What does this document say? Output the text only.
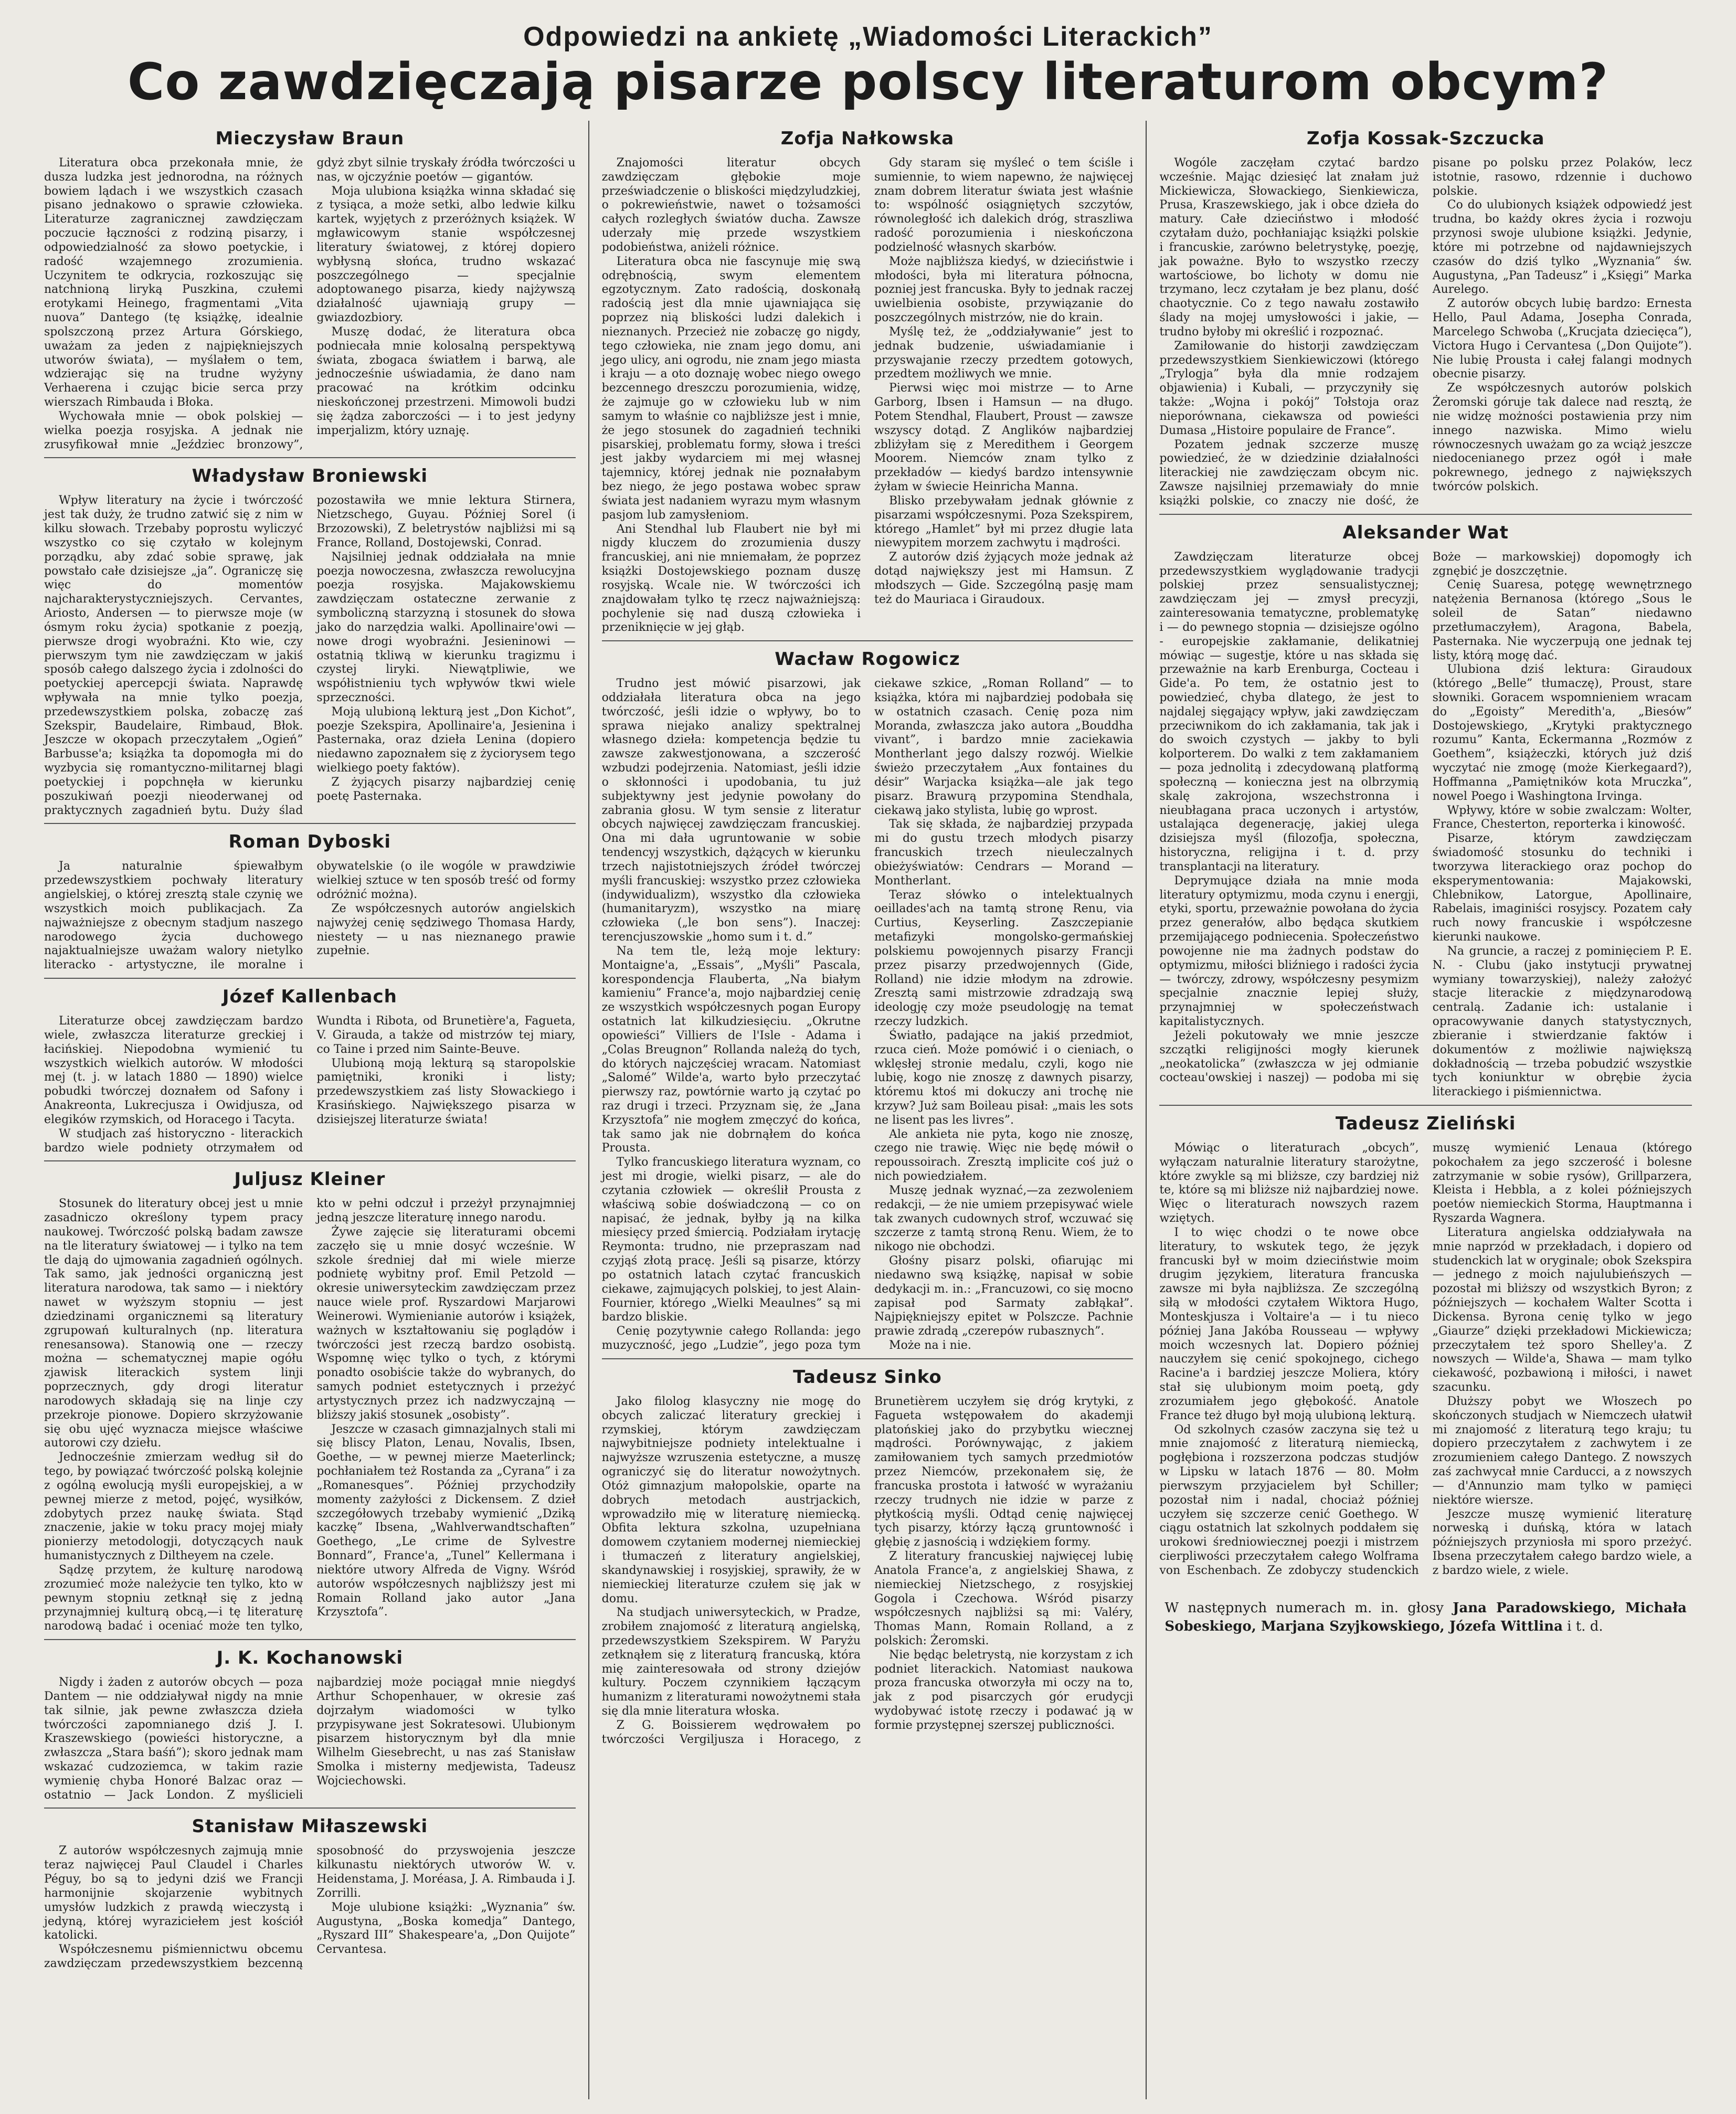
Odpowiedzi na ankietę „Wiadomości Literackich”
Co zawdzięczają pisarze polscy literaturom obcym?
Mieczysław Braun

Literatura obca przekonała mnie, że dusza ludzka jest jednorodna, na różnych bowiem lądach i we wszystkich czasach pisano jednakowo o sprawie człowieka. Literaturze zagranicznej zawdzięczam poczucie łączności z rodziną pisarzy, i odpowiedzialność za słowo poetyckie, i radość wzajemnego zrozumienia. Uczynitem te odkrycia, rozkoszując się natchnioną liryką Puszkina, czułemi erotykami Heinego, fragmentami „Vita nuova” Dantego (tę książkę, idealnie spolszczoną przez Artura Górskiego, uważam za jeden z najpiękniejszych utworów świata), — myślałem o tem, wdzierając się na trudne wyżyny Verhaerena i czując bicie serca przy wierszach Rimbauda i Błoka.

Wychowała mnie — obok polskiej — wielka poezja rosyjska. A jednak nie zrusyfikował mnie „Jeździec bronzowy”, gdyż zbyt silnie tryskały źródła twórczości u nas, w ojczyźnie poetów — gigantów.

Moja ulubiona książka winna składać się z tysiąca, a może setki, albo ledwie kilku kartek, wyjętych z przeróżnych książek. W mgławicowym stanie współczesnej literatury światowej, z której dopiero wybłysną słońca, trudno wskazać poszczególnego — specjalnie adoptowanego pisarza, kiedy najżywszą działalność ujawniają grupy — gwiazdozbiory.

Muszę dodać, że literatura obca podniecała mnie kolosalną perspektywą świata, zbogaca światłem i barwą, ale jednocześnie uświadamia, że dano nam pracować na krótkim odcinku nieskończonej przestrzeni. Mimowoli budzi się żądza zaborczości — i to jest jedyny imperjalizm, który uznaję.

Władysław Broniewski

Wpływ literatury na życie i twórczość jest tak duży, że trudno zatwić się z nim w kilku słowach. Trzebaby poprostu wyliczyć wszystko co się czytało w kolejnym porządku, aby zdać sobie sprawę, jak powstało całe dzisiejsze „ja”. Ograniczę się więc do momentów najcharakterystyczniejszych. Cervantes, Ariosto, Andersen — to pierwsze moje (w ósmym roku życia) spotkanie z poezją, pierwsze drogi wyobraźni. Kto wie, czy pierwszym tym nie zawdzięczam w jakiś sposób całego dalszego życia i zdolności do poetyckiej apercepcji świata. Naprawdę wpływała na mnie tylko poezja, przedewszystkiem polska, zobaczę zaś Szekspir, Baudelaire, Rimbaud, Błok. Jeszcze w okopach przeczytałem „Ogień” Barbusse'a; książka ta dopomogła mi do wyzbycia się romantyczno-militarnej blagi poetyckiej i popchnęła w kierunku poszukiwań poezji nieoderwanej od praktycznych zagadnień bytu. Duży ślad pozostawiła we mnie lektura Stirnera, Nietzschego, Guyau. Później Sorel (i Brzozowski), Z beletrystów najbliżsi mi są France, Rolland, Dostojewski, Conrad.

Najsilniej jednak oddziałała na mnie poezja nowoczesna, zwłaszcza rewolucyjna poezja rosyjska. Majakowskiemu zawdzięczam ostateczne zerwanie z symboliczną starzyzną i stosunek do słowa jako do narzędzia walki. Apollinaire'owi — nowe drogi wyobraźni. Jesieninowi — ostatnią tkliwą w kierunku tragizmu i czystej liryki. Niewątpliwie, we współistnieniu tych wpływów tkwi wiele sprzeczności.

Moją ulubioną lekturą jest „Don Kichot”, poezje Szekspira, Apollinaire'a, Jesienina i Pasternaka, oraz dzieła Lenina (dopiero niedawno zapoznałem się z życiorysem tego wielkiego poety faktów).

Z żyjących pisarzy najbardziej cenię poetę Pasternaka.

Roman Dyboski

Ja naturalnie śpiewałbym przedewszystkiem pochwały literatury angielskiej, o której zresztą stale czynię we wszystkich moich publikacjach. Za najważniejsze z obecnym stadjum naszego narodowego życia duchowego najaktualniejsze uważam walory nietylko literacko - artystyczne, ile moralne i obywatelskie (o ile wogóle w prawdziwie wielkiej sztuce w ten sposób treść od formy odróżnić można).

Ze współczesnych autorów angielskich najwyżej cenię sędziwego Thomasa Hardy, niestety — u nas nieznanego prawie zupełnie.

Józef Kallenbach

Literaturze obcej zawdzięczam bardzo wiele, zwłaszcza literaturze greckiej i łacińskiej. Niepodobna wymienić tu wszystkich wielkich autorów. W młodości mej (t. j. w latach 1880 — 1890) wielce pobudki twórczej doznałem od Safony i Anakreonta, Lukrecjusza i Owidjusza, od elegików rzymskich, od Horacego i Tacyta.

W studjach zaś historyczno - literackich bardzo wiele podniety otrzymałem od Wundta i Ribota, od Brunetière'a, Fagueta, V. Girauda, a także od mistrzów tej miary, co Taine i przed nim Sainte-Beuve.

Ulubioną moją lekturą są staropolskie pamiętniki, kroniki i listy; przedewszystkiem zaś listy Słowackiego i Krasińskiego. Największego pisarza w dzisiejszej literaturze świata!

Juljusz Kleiner

Stosunek do literatury obcej jest u mnie zasadniczo określony typem pracy naukowej. Twórczość polską badam zawsze na tle literatury światowej — i tylko na tem tle dają do ujmowania zagadnień ogólnych. Tak samo, jak jedności organiczną jest literatura narodowa, tak samo — i niektóry nawet w wyższym stopniu — jest dziedzinami organicznemi są literatury zgrupowań kulturalnych (np. literatura renesansowa). Stanowią one — rzeczy można — schematycznej mapie ogółu zjawisk literackich system linji poprzecznych, gdy drogi literatur narodowych składają się na linje czy przekroje pionowe. Dopiero skrzyżowanie się obu ujęć wyznacza miejsce właściwe autorowi czy dziełu.

Jednocześnie zmierzam według sił do tego, by powiązać twórczość polską kolejnie z ogólną ewolucją myśli europejskiej, a w pewnej mierze z metod, pojęć, wysiłków, zdobytych przez naukę świata. Stąd znaczenie, jakie w toku pracy mojej miały pionierzy metodologji, dotyczących nauk humanistycznych z Diltheyem na czele.

Sądzę przytem, że kulturę narodową zrozumieć może należycie ten tylko, kto w pewnym stopniu zetknął się z jedną przynajmniej kulturą obcą,—i tę literaturę narodową badać i oceniać może ten tylko, kto w pełni odczuł i przeżył przynajmniej jedną jeszcze literaturę innego narodu.

Żywe zajęcie się literaturami obcemi zaczęło się u mnie dosyć wcześnie. W szkole średniej dał mi wiele mierze podnietę wybitny prof. Emil Petzold — okresie uniwersyteckim zawdzięczam przez nauce wiele prof. Ryszardowi Marjarowi Weinerowi. Wymienianie autorów i książek, ważnych w kształtowaniu się poglądów i twórczości jest rzeczą bardzo osobistą. Wspomnę więc tylko o tych, z którymi ponadto osobiście także do wybranych, do samych podniet estetycznych i przeżyć artystycznych przez ich nadzwyczajną — bliższy jakiś stosunek „osobisty”.

Jeszcze w czasach gimnazjalnych stali mi się bliscy Platon, Lenau, Novalis, Ibsen, Goethe, — w pewnej mierze Maeterlinck; pochłaniałem też Rostanda za „Cyrana” i za „Romanesques”. Później przychodziły momenty zażyłości z Dickensem. Z dzieł szczegółowych trzebaby wymienić „Dziką kaczkę” Ibsena, „Wahlverwandtschaften” Goethego, „Le crime de Sylvestre Bonnard”, France'a, „Tunel” Kellermana i niektóre utwory Alfreda de Vigny. Wśród autorów współczesnych najbliższy jest mi Romain Rolland jako autor „Jana Krzysztofa”.

J. K. Kochanowski

Nigdy i żaden z autorów obcych — poza Dantem — nie oddziaływał nigdy na mnie tak silnie, jak pewne zwłaszcza dzieła twórczości zapomnianego dziś J. I. Kraszewskiego (powieści historyczne, a zwłaszcza „Stara baśń”); skoro jednak mam wskazać cudzoziemca, w takim razie wymienię chyba Honoré Balzac oraz — ostatnio — Jack London. Z myślicieli najbardziej może pociągał mnie niegdyś Arthur Schopenhauer, w okresie zaś dojrzałym wiadomości w tylko przypisywane jest Sokratesowi. Ulubionym pisarzem historycznym był dla mnie Wilhelm Giesebrecht, u nas zaś Stanisław Smolka i misterny medjewista, Tadeusz Wojciechowski.

Stanisław Miłaszewski

Z autorów współczesnych zajmują mnie teraz najwięcej Paul Claudel i Charles Péguy, bo są to jedyni dziś we Francji harmonijnie skojarzenie wybitnych umysłów ludzkich z prawdą wieczystą i jedyną, której wyraziciełem jest kościół katolicki.

Współczesnemu piśmiennictwu obcemu zawdzięczam przedewszystkiem bezcenną sposobność do przyswojenia jeszcze kilkunastu niektórych utworów W. v. Heidenstama, J. Moréasa, J. A. Rimbauda i J. Zorrilli.

Moje ulubione książki: „Wyznania” św. Augustyna, „Boska komedja” Dantego, „Ryszard III” Shakespeare'a, „Don Quijote” Cervantesa.

Zofja Nałkowska

Znajomości literatur obcych zawdzięczam głębokie moje przeświadczenie o bliskości międzyludzkiej, o pokrewieństwie, nawet o tożsamości całych rozległych światów ducha. Zawsze uderzały mię przede wszystkiem podobieństwa, aniżeli różnice.

Literatura obca nie fascynuje mię swą odrębnością, swym elementem egzotycznym. Zato radością, doskonałą radością jest dla mnie ujawniająca się poprzez nią bliskości ludzi dalekich i nieznanych. Przecież nie zobaczę go nigdy, tego człowieka, nie znam jego domu, ani jego ulicy, ani ogrodu, nie znam jego miasta i kraju — a oto doznaję wobec niego owego bezcennego dreszczu porozumienia, widzę, że zajmuje go w człowieku lub w nim samym to właśnie co najbliższe jest i mnie, że jego stosunek do zagadnień techniki pisarskiej, problematu formy, słowa i treści jest jakby wydarciem mi mej własnej tajemnicy, której jednak nie poznałabym bez niego, że jego postawa wobec spraw świata jest nadaniem wyrazu mym własnym pasjom lub zamysłeniom.

Ani Stendhal lub Flaubert nie był mi nigdy kluczem do zrozumienia duszy francuskiej, ani nie mniemałam, że poprzez książki Dostojewskiego poznam duszę rosyjską. Wcale nie. W twórczości ich znajdowałam tylko tę rzecz najważniejszą: pochylenie się nad duszą człowieka i przeniknięcie w jej głąb.

Gdy staram się myśleć o tem ściśle i sumiennie, to wiem napewno, że najwięcej znam dobrem literatur świata jest właśnie to: wspólność osiągniętych szczytów, równoległość ich dalekich dróg, straszliwa radość porozumienia i nieskończona podzielność własnych skarbów.

Może najbliższa kiedyś, w dzieciństwie i młodości, była mi literatura północna, pozniej jest francuska. Były to jednak raczej uwielbienia osobiste, przywiązanie do poszczególnych mistrzów, nie do krain.

Myślę też, że „oddziaływanie” jest to jednak budzenie, uświadamianie i przyswajanie rzeczy przedtem gotowych, przedtem możliwych we mnie.

Pierwsi więc moi mistrze — to Arne Garborg, Ibsen i Hamsun — na długo. Potem Stendhal, Flaubert, Proust — zawsze wszyscy dotąd. Z Anglików najbardziej zbliżyłam się z Meredithem i Georgem Moorem. Niemców znam tylko z przekładów — kiedyś bardzo intensywnie żyłam w świecie Heinricha Manna.

Blisko przebywałam jednak głównie z pisarzami współczesnymi. Poza Szekspirem, którego „Hamlet” był mi przez długie lata niewypitem morzem zachwytu i mądrości.

Z autorów dziś żyjących może jednak aż dotąd największy jest mi Hamsun. Z młodszych — Gide. Szczególną pasję mam też do Mauriaca i Giraudoux.

Wacław Rogowicz

Trudno jest mówić pisarzowi, jak oddziałała literatura obca na jego twórczość, jeśli idzie o wpływy, bo to sprawa niejako analizy spektralnej własnego dzieła: kompetencja będzie tu zawsze zakwestjonowana, a szczerość wzbudzi podejrzenia. Natomiast, jeśli idzie o skłonności i upodobania, tu już subjektywny jest jedynie powołany do zabrania głosu. W tym sensie z literatur obcych najwięcej zawdzięczam francuskiej. Ona mi dała ugruntowanie w sobie tendencyj wszystkich, dążących w kierunku trzech najistotniejszych źródeł twórczej myśli francuskiej: wszystko przez człowieka (indywidualizm), wszystko dla człowieka (humanitaryzm), wszystko na miarę człowieka („le bon sens”). Inaczej: terencjuszowskie „homo sum i t. d.”

Na tem tle, leżą moje lektury: Montaigne'a, „Essais”, „Myśli” Pascala, korespondencja Flauberta, „Na białym kamieniu” France'a, mojo najbardziej cenię ze wszystkich współczesnych pogan Europy ostatnich lat kilkudziesięciu. „Okrutne opowieści” Villiers de l'Isle - Adama i „Colas Breugnon” Rollanda należą do tych, do których najczęściej wracam. Natomiast „Salomé” Wilde'a, warto było przeczytać pierwszy raz, powtórnie warto ją czytać po raz drugi i trzeci. Przyznam się, że „Jana Krzysztofa” nie mogłem zmęczyć do końca, tak samo jak nie dobrnąłem do końca Prousta.

Tylko francuskiego literatura wyznam, co jest mi drogie, wielki pisarz, — ale do czytania człowiek — określił Prousta z właściwą sobie doświadczoną — co on napisać, że jednak, byłby ją na kilka miesięcy przed śmiercią. Podziałam irytację Reymonta: trudno, nie przepraszam nad czyjąś złotą pracę. Jeśli są pisarze, którzy po ostatnich latach czytać francuskich ciekawe, zajmujących polskiej, to jest Alain-Fournier, którego „Wielki Meaulnes” są mi bardzo bliskie.

Cenię pozytywnie całego Rollanda: jego muzyczność, jego „Ludzie”, jego poza tym ciekawe szkice, „Roman Rolland” — to książka, która mi najbardziej podobała się w ostatnich czasach. Cenię poza nim Moranda, zwłaszcza jako autora „Bouddha vivant”, i bardzo mnie zaciekawia Montherlant jego dalszy rozwój. Wielkie świeżo przeczytałem „Aux fontaines du désir” Warjacka książka—ale jak tego pisarz. Brawurą przypomina Stendhala, ciekawą jako stylista, lubię go wprost.

Tak się składa, że najbardziej przypada mi do gustu trzech młodych pisarzy francuskich trzech nieuleczalnych obieżyświatów: Cendrars — Morand — Montherlant.

Teraz słówko o intelektualnych oeillades'ach na tamtą stronę Renu, via Curtius, Keyserling. Zaszczepianie metafizyki mongolsko-germańskiej polskiemu powojennych pisarzy Francji przez pisarzy przedwojennych (Gide, Rolland) nie idzie młodym na zdrowie. Zresztą sami mistrzowie zdradzają swą ideologję czy może pseudologję na temat rzeczy ludzkich.

Światło, padające na jakiś przedmiot, rzuca cień. Może pomówić i o cieniach, o wklęsłej stronie medalu, czyli, kogo nie lubię, kogo nie znoszę z dawnych pisarzy, któremu ktoś mi dokuczy ani trochę nie krzyw? Już sam Boileau pisał: „mais les sots ne lisent pas les livres”.

Ale ankieta nie pyta, kogo nie znoszę, czego nie trawię. Więc nie będę mówił o repoussoirach. Zresztą implicite coś już o nich powiedziałem.

Muszę jednak wyznać,—za zezwoleniem redakcji, — że nie umiem przepisywać wiele tak zwanych cudownych strof, wczuwać się szczerze z tamtą stroną Renu. Wiem, że to nikogo nie obchodzi.

Głośny pisarz polski, ofiarując mi niedawno swą książkę, napisał w sobie dedykacji m. in.: „Francuzowi, co się mocno zapisał pod Sarmaty zabłąkał”. Najpiękniejszy epitet w Polszcze. Pachnie prawie zdradą „czerepów rubasznych”.

Może na i nie.

Tadeusz Sinko

Jako filolog klasyczny nie mogę do obcych zaliczać literatury greckiej i rzymskiej, którym zawdzięczam najwybitniejsze podniety intelektualne i najwyższe wzruszenia estetyczne, a muszę ograniczyć się do literatur nowożytnych. Otóż gimnazjum małopolskie, oparte na dobrych metodach austrjackich, wprowadziło mię w literaturę niemiecką. Obfita lektura szkolna, uzupełniana domowem czytaniem modernej niemieckiej i tłumaczeń z literatury angielskiej, skandynawskiej i rosyjskiej, sprawiły, że w niemieckiej literaturze czułem się jak w domu.

Na studjach uniwersyteckich, w Pradze, zrobiłem znajomość z literaturą angielską, przedewszystkiem Szekspirem. W Paryżu zetknąłem się z literaturą francuską, która mię zainteresowała od strony dziejów kultury. Poczem czynnikiem łączącym humanizm z literaturami nowożytnemi stała się dla mnie literatura włoska.

Z G. Boissierem wędrowałem po twórczości Vergiljusza i Horacego, z Brunetièrem uczyłem się dróg krytyki, z Fagueta wstępowałem do akademji platońskiej jako do przybytku wiecznej mądrości. Porównywając, z jakiem zamiłowaniem tych samych przedmiotów przez Niemców, przekonałem się, że francuska prostota i łatwość w wyrażaniu rzeczy trudnych nie idzie w parze z płytkością myśli. Odtąd cenię najwięcej tych pisarzy, którzy łączą gruntowność i głębię z jasnością i wdziękiem formy.

Z literatury francuskiej najwięcej lubię Anatola France'a, z angielskiej Shawa, z niemieckiej Nietzschego, z rosyjskiej Gogola i Czechowa. Wśród pisarzy współczesnych najbliżsi są mi: Valéry, Thomas Mann, Romain Rolland, a z polskich: Żeromski.

Nie będąc beletrystą, nie korzystam z ich podniet literackich. Natomiast naukowa proza francuska otworzyła mi oczy na to, jak z pod pisarczych gór erudycji wydobywać istotę rzeczy i podawać ją w formie przystępnej szerszej publiczności.

Zofja Kossak-Szczucka

Wogóle zaczęłam czytać bardzo wcześnie. Mając dziesięć lat znałam już Mickiewicza, Słowackiego, Sienkiewicza, Prusa, Kraszewskiego, jak i obce dzieła do matury. Całe dzieciństwo i młodość czytałam dużo, pochłaniając książki polskie i francuskie, zarówno beletrystykę, poezję, jak poważne. Było to wszystko rzeczy wartościowe, bo lichoty w domu nie trzymano, lecz czytałam je bez planu, dość chaotycznie. Co z tego nawału zostawiło ślady na mojej umysłowości i jakie, — trudno byłoby mi określić i rozpoznać.

Zamiłowanie do historji zawdzięczam przedewszystkiem Sienkiewiczowi (którego „Trylogja” była dla mnie rodzajem objawienia) i Kubali, — przyczyniły się także: „Wojna i pokój” Tołstoja oraz nieporównana, ciekawsza od powieści Dumasa „Histoire populaire de France”.

Pozatem jednak szczerze muszę powiedzieć, że w dziedzinie działalności literackiej nie zawdzięczam obcym nic. Zawsze najsilniej przemawiały do mnie książki polskie, co znaczy nie dość, że pisane po polsku przez Polaków, lecz istotnie, rasowo, rdzennie i duchowo polskie.

Co do ulubionych książek odpowiedź jest trudna, bo każdy okres życia i rozwoju przynosi swoje ulubione książki. Jedynie, które mi potrzebne od najdawniejszych czasów do dziś tylko „Wyznania” św. Augustyna, „Pan Tadeusz” i „Księgi” Marka Aurelego.

Z autorów obcych lubię bardzo: Ernesta Hello, Paul Adama, Josepha Conrada, Marcelego Schwoba („Krucjata dziecięca”), Victora Hugo i Cervantesa („Don Quijote”). Nie lubię Prousta i całej falangi modnych obecnie pisarzy.

Ze współczesnych autorów polskich Żeromski góruje tak dalece nad resztą, że nie widzę możności postawienia przy nim innego nazwiska. Mimo wielu równoczesnych uważam go za wciąż jeszcze niedocenianego przez ogół i małe pokrewnego, jednego z największych twórców polskich.

Aleksander Wat

Zawdzięczam literaturze obcej przedewszystkiem wyglądowanie tradycji polskiej przez sensualistycznej; zawdzięczam jej — zmysł precyzji, zainteresowania tematyczne, problematykę i — do pewnego stopnia — dzisiejsze ogólno - europejskie zakłamanie, delikatniej mówiąc — sugestje, które u nas składa się przeważnie na karb Erenburga, Cocteau i Gide'a. Po tem, że ostatnio jest to powiedzieć, chyba dlatego, że jest to najdalej sięgający wpływ, jaki zawdzięczam przeciwnikom do ich zakłamania, tak jak i do swoich czystych — jakby to byli kolporterem. Do walki z tem zakłamaniem — poza jednolitą i zdecydowaną platformą społeczną — konieczna jest na olbrzymią skalę zakrojona, wszechstronna i nieubłagana praca uczonych i artystów, ustalająca degenerację, jakiej ulega dzisiejsza myśl (filozofja, społeczna, historyczna, religijna i t. d. przy transplantacji na literatury.

Deprymujące działa na mnie moda literatury optymizmu, moda czynu i energji, etyki, sportu, przeważnie powołana do życia przez generałów, albo będąca skutkiem przemijającego podniecenia. Społeczeństwo powojenne nie ma żadnych podstaw do optymizmu, miłości bliźniego i radości życia — twórczy, zdrowy, współczesny pesymizm specjalnie znacznie lepiej służy, przynajmniej w społeczeństwach kapitalistycznych.

Jeżeli pokutowały we mnie jeszcze szczątki religijności mogły kierunek „neokatolicka” (zwłaszcza w jej odmianie cocteau'owskiej i naszej) — podoba mi się Boże — markowskiej) dopomogły ich zgnębić je doszczętnie.

Cenię Suaresa, potęgę wewnętrznego natężenia Bernanosa (którego „Sous le soleil de Satan” niedawno przetłumaczyłem), Aragona, Babela, Pasternaka. Nie wyczerpują one jednak tej listy, którą mogę dać.

Ulubiona dziś lektura: Giraudoux (którego „Belle” tłumaczę), Proust, stare słowniki. Goracem wspomnieniem wracam do „Egoisty” Meredith'a, „Biesów” Dostojewskiego, „Krytyki praktycznego rozumu” Kanta, Eckermanna „Rozmów z Goethem”, książeczki, których już dziś wyczytać nie zmogę (może Kierkegaard?), Hoffmanna „Pamiętników kota Mruczka”, nowel Poego i Washingtona Irvinga.

Wpływy, które w sobie zwalczam: Wolter, France, Chesterton, reporterka i kinowość.

Pisarze, którym zawdzięczam świadomość stosunku do techniki i tworzywa literackiego oraz pochop do eksperymentowania: Majakowski, Chlebnikow, Latorgue, Apollinaire, Rabelais, imaginiści rosyjscy. Pozatem cały ruch nowy francuskie i współczesne kierunki naukowe.

Na gruncie, a raczej z pominięciem P. E. N. - Clubu (jako instytucji prywatnej wymiany towarzyskiej), należy założyć stacje literackie z międzynarodową centralą. Zadanie ich: ustalanie i opracowywanie danych statystycznych, zbieranie i stwierdzanie faktów i dokumentów z możliwie największą dokładnością — trzeba pobudzić wszystkie tych koniunktur w obrębie życia literackiego i piśmiennictwa.

Tadeusz Zieliński

Mówiąc o literaturach „obcych”, wyłączam naturalnie literatury starożytne, które zwykle są mi bliższe, czy bardziej niż te, które są mi bliższe niż najbardziej nowe. Więc o literaturach nowszych razem wziętych.

I to więc chodzi o te nowe obce literatury, to wskutek tego, że język francuski był w moim dzieciństwie moim drugim językiem, literatura francuska zawsze mi była najbliższa. Ze szczególną siłą w młodości czytałem Wiktora Hugo, Monteskjusza i Voltaire'a — i tu nieco później Jana Jakóba Rousseau — wpływy moich wczesnych lat. Dopiero później nauczyłem się cenić spokojnego, cichego Racine'a i bardziej jeszcze Moliera, który stał się ulubionym moim poetą, gdy zrozumiałem jego głębokość. Anatole France też długo był moją ulubioną lekturą.

Od szkolnych czasów zaczyna się też u mnie znajomość z literaturą niemiecką, pogłębiona i rozszerzona podczas studjów w Lipsku w latach 1876 — 80. Mołm pierwszym przyjacielem był Schiller; pozostał nim i nadal, chociaż później uczyłem się szczerze cenić Goethego. W ciągu ostatnich lat szkolnych poddałem się urokowi średniowiecznej poezji i mistrzem cierpliwości przeczytałem całego Wolframa von Eschenbach. Ze zdobyczy studenckich muszę wymienić Lenaua (którego pokochałem za jego szczerość i bolesne zatrzymanie w sobie rysów), Grillparzera, Kleista i Hebbla, a z kolei późniejszych poetów niemieckich Storma, Hauptmanna i Ryszarda Wagnera.

Literatura angielska oddziaływała na mnie naprzód w przekładach, i dopiero od studenckich lat w oryginale; obok Szekspira — jednego z moich najulubieńszych — pozostał mi bliższy od wszystkich Byron; z późniejszych — kochałem Walter Scotta i Dickensa. Byrona cenię tylko w jego „Giaurze” dzięki przekładowi Mickiewicza; przeczytałem też sporo Shelley'a. Z nowszych — Wilde'a, Shawa — mam tylko ciekawość, pozbawioną i miłości, i nawet szacunku.

Dłuższy pobyt we Włoszech po skończonych studjach w Niemczech ułatwił mi znajomość z literaturą tego kraju; tu dopiero przeczytałem z zachwytem i ze zrozumieniem całego Dantego. Z nowszych zaś zachwycał mnie Carducci, a z nowszych — d'Annunzio mam tylko w pamięci niektóre wiersze.

Jeszcze muszę wymienić literaturę norweską i duńską, która w latach późniejszych przyniosła mi sporo przeżyć. Ibsena przeczytałem całego bardzo wiele, a z bardzo wiele, z wiele.

W następnych numerach m. in. głosy Jana Paradowskiego, Michała Sobeskiego, Marjana Szyjkowskiego, Józefa Wittlina i t. d.
